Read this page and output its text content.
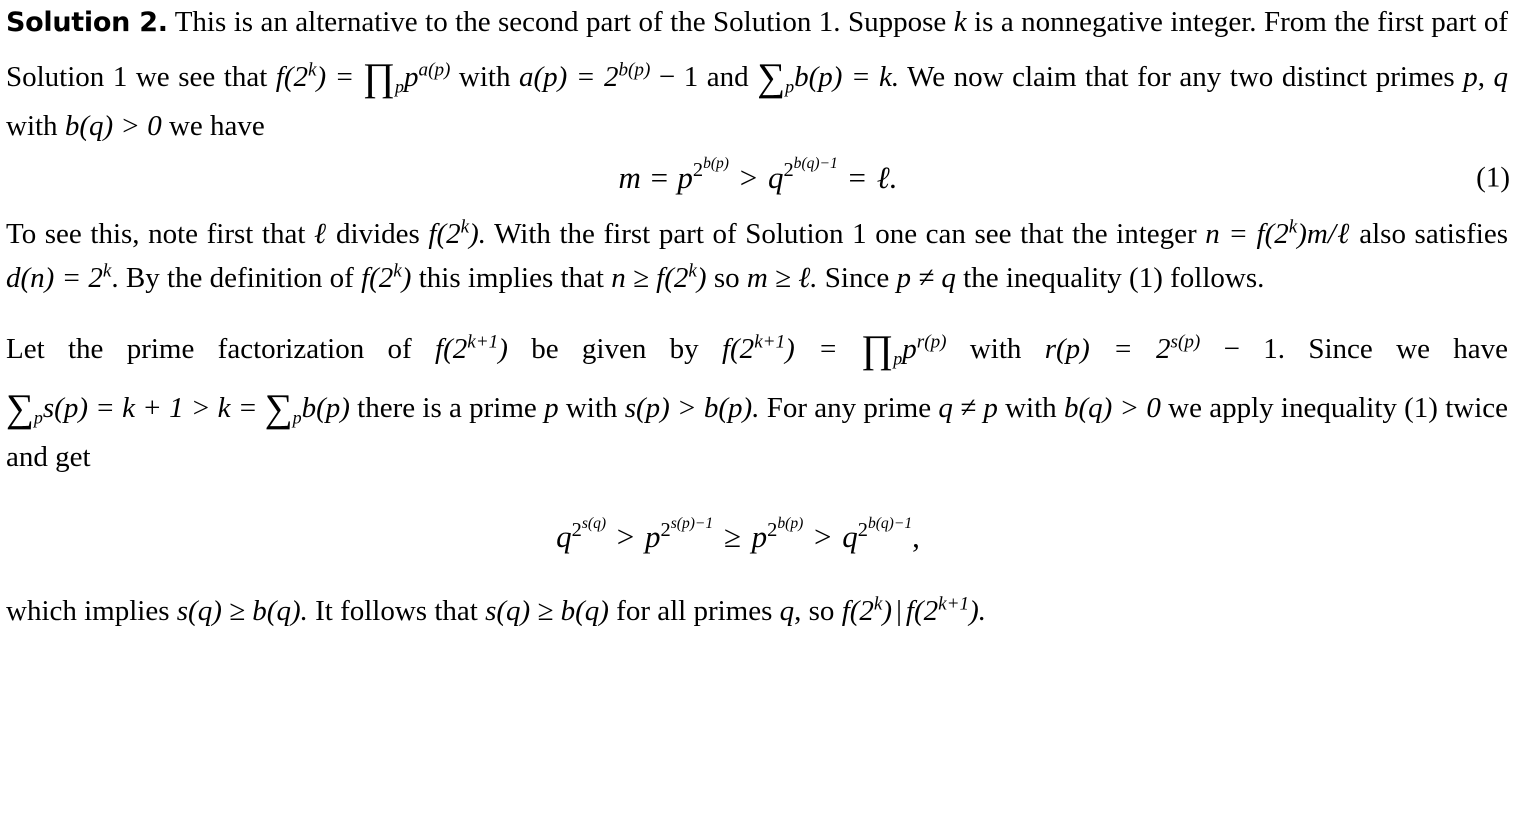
Solution 2. This is an alternative to the second part of the Solution 1. Suppose k is a nonnegative integer. From the first part of Solution 1 we see that $f(2^k)$ = $\prod_pp^{a(p)}$ with $a(p) = 2^{b(p)} - 1$ and $\sum_pb(p) = k$. We now claim that for any two distinct primes p, q with b(q) > 0 we have

$m = p^{2^{b(p)}} > q^{2^{b(q)-1}}$ = ℓ.	(1)

To see this, note first that ℓ divides f(2$^k$). With the first part of Solution 1 one can see that the integer $n = f(2^k)m/\ell$ also satisfies $d(n) = 2^k$. By the definition of f(2$^k$) this implies that $n \ge f(2^k)$ so m ≥ ℓ. Since p ≠ q the inequality (1) follows.

Let the prime factorization of $f(2^{k+1})$ be given by $f(2^{k+1})$ = $\prod_pp^{r(p)}$ with $r(p) = 2^{s(p)} - 1$. Since we have $\sum_ps(p) = k + 1 > k = \sum_pb(p)$ there is a prime p with s(p) > b(p). For any prime q ≠ p with b(q) > 0 we apply inequality (1) twice and get

$q^{2^{s(q)}} > p^{2^{s(p)-1}} \ge p^{2^{b(p)}} > q^{2^{b(q)-1}}$,

which implies s(q) ≥ b(q). It follows that s(q) ≥ b(q) for all primes q, so f(2$^k$) | $f(2^{k+1})$.
